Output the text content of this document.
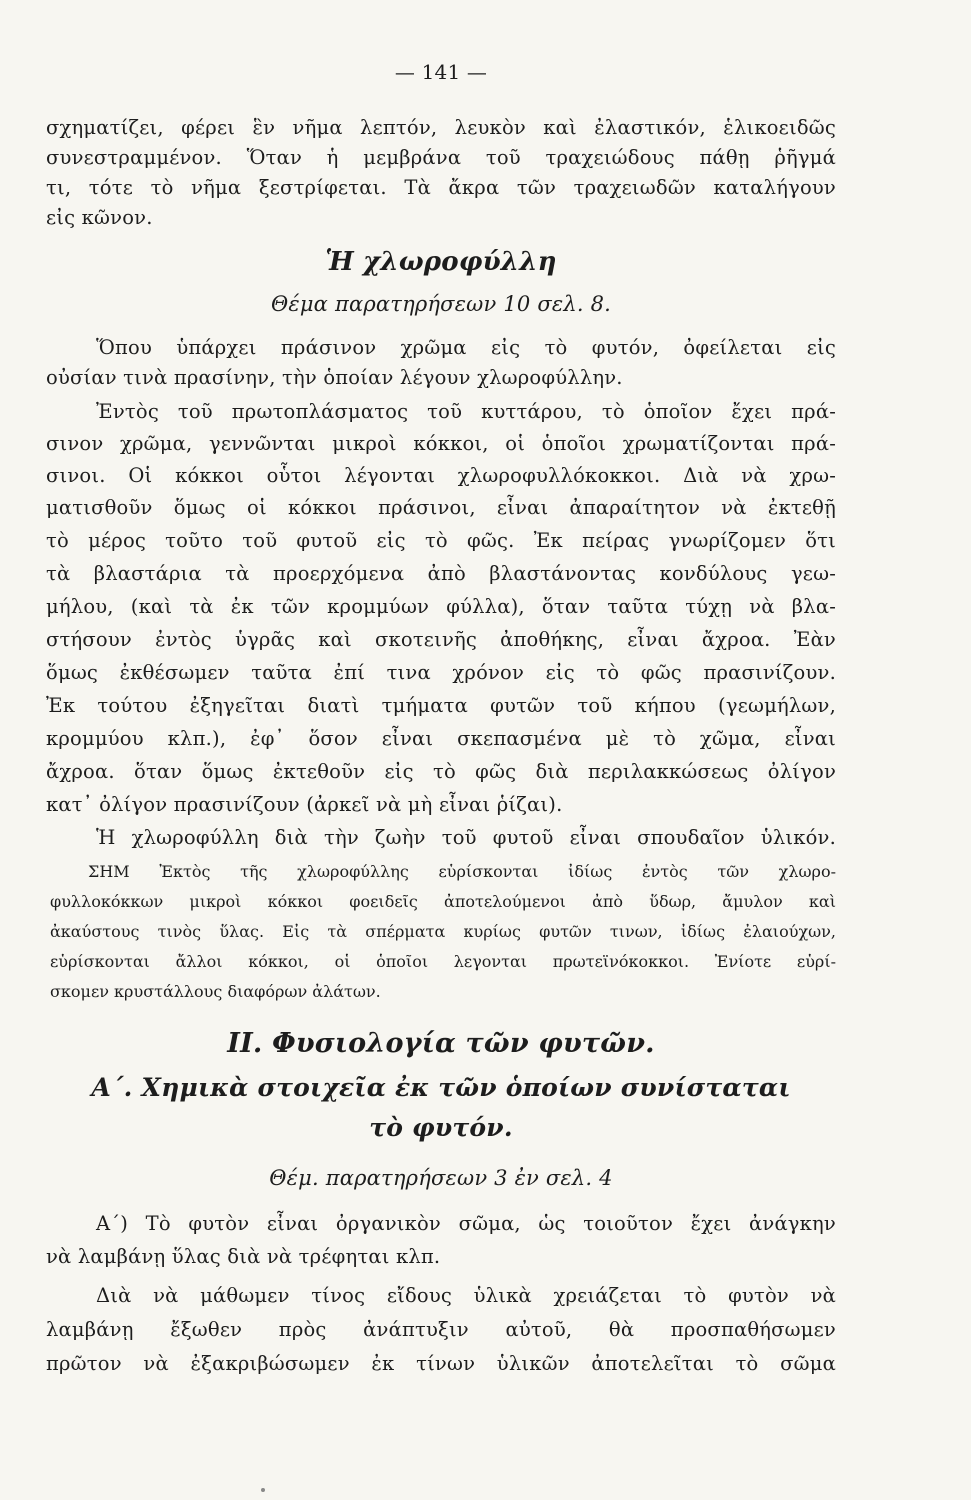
— 141 —
σχηματίζει, φέρει ἓν νῆμα λεπτόν, λευκὸν καὶ ἐλαστικόν, ἑλικοειδῶς
συνεστραμμένον. Ὅταν ἡ μεμβράνα τοῦ τραχειώδους πάθῃ ῥῆγμά
τι, τότε τὸ νῆμα ξεστρίφεται. Τὰ ἄκρα τῶν τραχειωδῶν καταλήγουν
εἰς κῶνον.
Ἡ χλωροφύλλη
Θέμα παρατηρήσεων 10 σελ. 8.
Ὅπου ὑπάρχει πράσινον χρῶμα εἰς τὸ φυτόν, ὀφείλεται εἰς
οὐσίαν τινὰ πρασίνην, τὴν ὁποίαν λέγουν χλωροφύλλην.
Ἐντὸς τοῦ πρωτοπλάσματος τοῦ κυττάρου, τὸ ὁποῖον ἔχει πρά-
σινον χρῶμα, γεννῶνται μικροὶ κόκκοι, οἱ ὁποῖοι χρωματίζονται πρά-
σινοι. Οἱ κόκκοι οὗτοι λέγονται χλωροφυλλόκοκκοι. Διὰ νὰ χρω-
ματισθοῦν ὅμως οἱ κόκκοι πράσινοι, εἶναι ἀπαραίτητον νὰ ἐκτεθῇ
τὸ μέρος τοῦτο τοῦ φυτοῦ εἰς τὸ φῶς. Ἐκ πείρας γνωρίζομεν ὅτι
τὰ βλαστάρια τὰ προερχόμενα ἀπὸ βλαστάνοντας κονδύλους γεω-
μήλου, (καὶ τὰ ἐκ τῶν κρομμύων φύλλα), ὅταν ταῦτα τύχῃ νὰ βλα-
στήσουν ἐντὸς ὑγρᾶς καὶ σκοτεινῆς ἀποθήκης, εἶναι ἄχροα. Ἐὰν
ὅμως ἐκθέσωμεν ταῦτα ἐπί τινα χρόνον εἰς τὸ φῶς πρασινίζουν.
Ἐκ τούτου ἐξηγεῖται διατὶ τμήματα φυτῶν τοῦ κήπου (γεωμήλων,
κρομμύου κλπ.), ἐφ᾽ ὅσον εἶναι σκεπασμένα μὲ τὸ χῶμα, εἶναι
ἄχροα. ὅταν ὅμως ἐκτεθοῦν εἰς τὸ φῶς διὰ περιλακκώσεως ὀλίγον
κατ᾽ ὀλίγον πρασινίζουν (ἀρκεῖ νὰ μὴ εἶναι ῥίζαι).
Ἡ χλωροφύλλη διὰ τὴν ζωὴν τοῦ φυτοῦ εἶναι σπουδαῖον ὑλικόν.
ΣΗΜ Ἐκτὸς τῆς χλωροφύλλης εὑρίσκονται ἰδίως ἐντὸς τῶν χλωρο-
φυλλοκόκκων μικροὶ κόκκοι φοειδεῖς ἀποτελούμενοι ἀπὸ ὕδωρ, ἄμυλον καὶ
ἀκαύστους τινὸς ὕλας. Εἰς τὰ σπέρματα κυρίως φυτῶν τινων, ἰδίως ἐλαιούχων,
εὑρίσκονται ἄλλοι κόκκοι, οἱ ὁποῖοι λεγονται πρωτεϊνόκοκκοι. Ἐνίοτε εὑρί-
σκομεν κρυστάλλους διαφόρων ἀλάτων.
ΙΙ. Φυσιολογία τῶν φυτῶν.
Α΄. Χημικὰ στοιχεῖα ἐκ τῶν ὁποίων συνίσταται
τὸ φυτόν.
Θέμ. παρατηρήσεων 3 ἐν σελ. 4
Α΄) Τὸ φυτὸν εἶναι ὀργανικὸν σῶμα, ὡς τοιοῦτον ἔχει ἀνάγκην
νὰ λαμβάνῃ ὕλας διὰ νὰ τρέφηται κλπ.
Διὰ νὰ μάθωμεν τίνος εἴδους ὑλικὰ χρειάζεται τὸ φυτὸν νὰ
λαμβάνῃ ἔξωθεν πρὸς ἀνάπτυξιν αὐτοῦ, θὰ προσπαθήσωμεν
πρῶτον νὰ ἐξακριβώσωμεν ἐκ τίνων ὑλικῶν ἀποτελεῖται τὸ σῶμα
